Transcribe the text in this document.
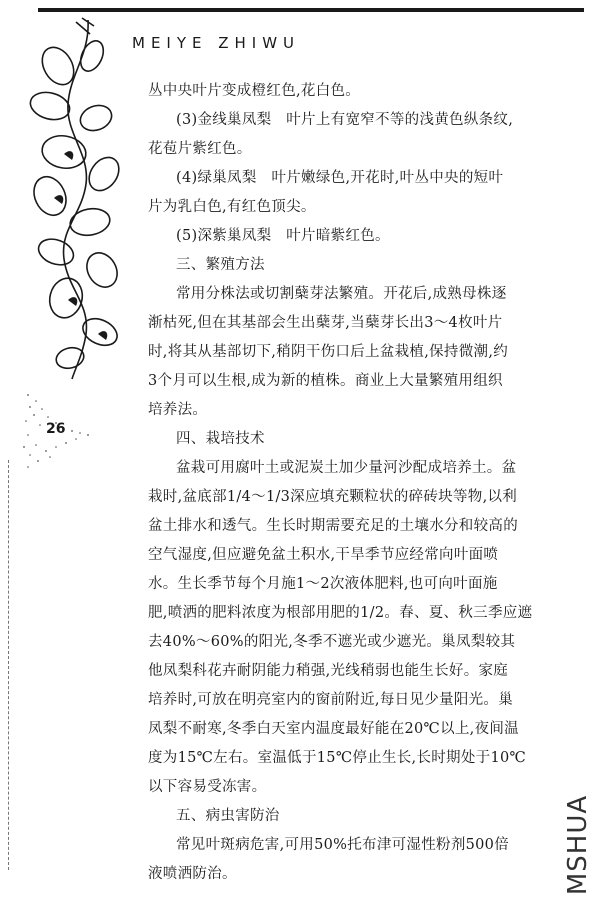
MEIYE ZHIWU
26
丛中央叶片变成橙红色,花白色。
(3)金线巢凤梨　叶片上有宽窄不等的浅黄色纵条纹,
花苞片紫红色。
(4)绿巢凤梨　叶片嫩绿色,开花时,叶丛中央的短叶
片为乳白色,有红色顶尖。
(5)深紫巢凤梨　叶片暗紫红色。
三、繁殖方法
常用分株法或切割蘖芽法繁殖。开花后,成熟母株逐
渐枯死,但在其基部会生出蘖芽,当蘖芽长出3～4枚叶片
时,将其从基部切下,稍阴干伤口后上盆栽植,保持微潮,约
3个月可以生根,成为新的植株。商业上大量繁殖用组织
培养法。
四、栽培技术
盆栽可用腐叶土或泥炭土加少量河沙配成培养土。盆
栽时,盆底部1/4～1/3深应填充颗粒状的碎砖块等物,以利
盆土排水和透气。生长时期需要充足的土壤水分和较高的
空气湿度,但应避免盆土积水,干旱季节应经常向叶面喷
水。生长季节每个月施1～2次液体肥料,也可向叶面施
肥,喷洒的肥料浓度为根部用肥的1/2。春、夏、秋三季应遮
去40%～60%的阳光,冬季不遮光或少遮光。巢凤梨较其
他凤梨科花卉耐阴能力稍强,光线稍弱也能生长好。家庭
培养时,可放在明亮室内的窗前附近,每日见少量阳光。巢
凤梨不耐寒,冬季白天室内温度最好能在20℃以上,夜间温
度为15℃左右。室温低于15℃停止生长,长时期处于10℃
以下容易受冻害。
五、病虫害防治
常见叶斑病危害,可用50%托布津可湿性粉剂500倍
液喷洒防治。	MSHUA
